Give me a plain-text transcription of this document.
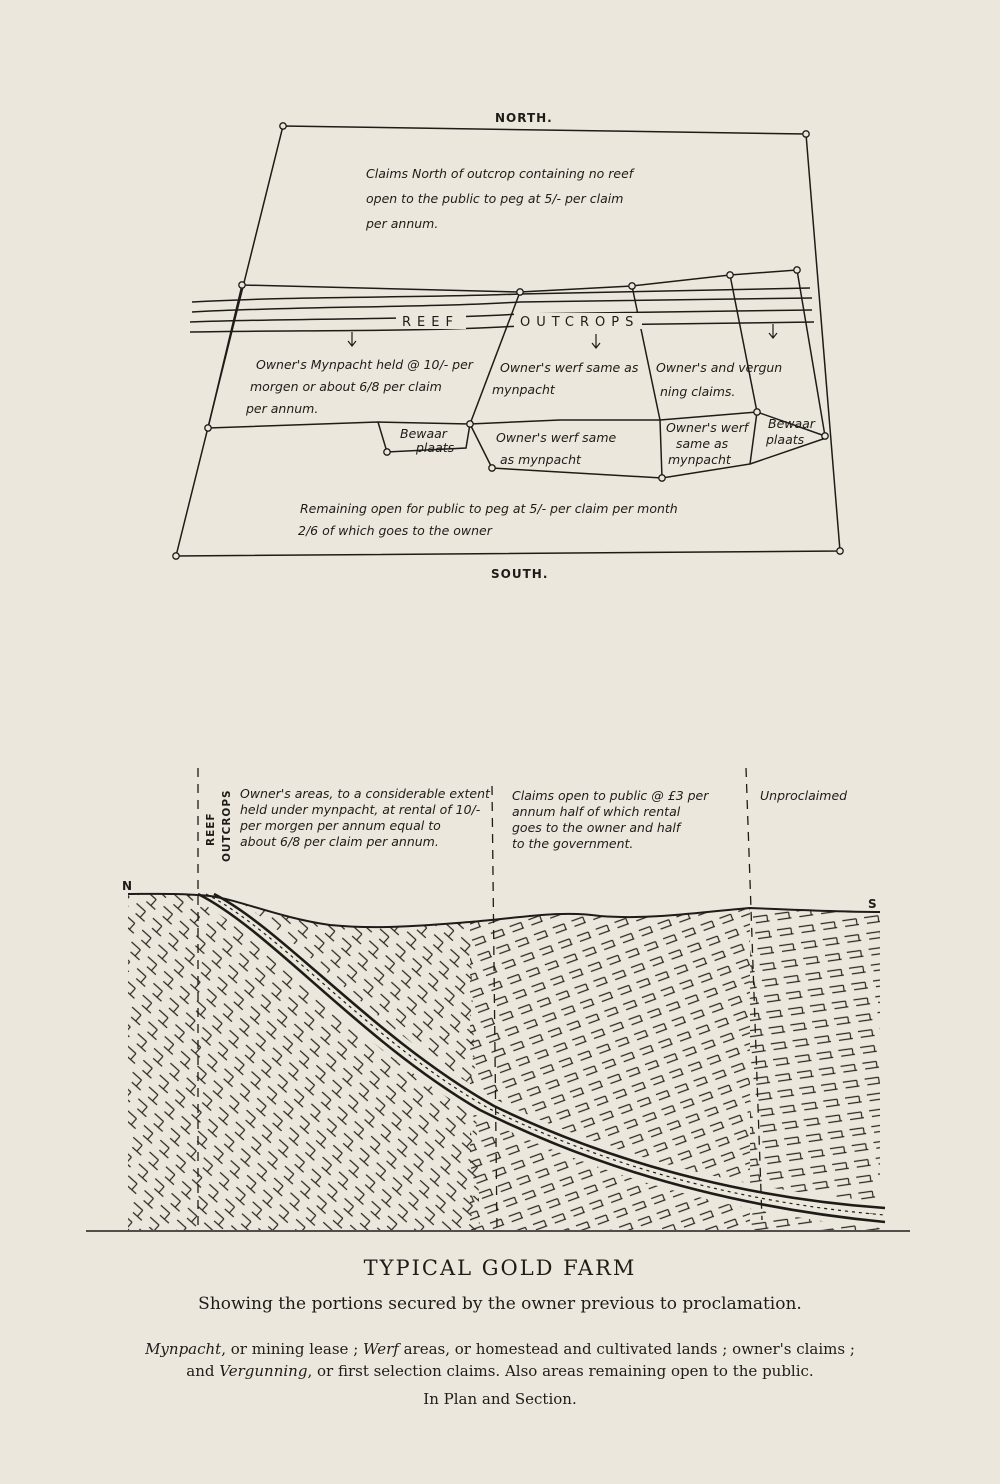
NORTH.
SOUTH.
Claims North of outcrop containing no reef
open to the public to peg at 5/- per claim
per annum.
REEF	OUTCROPS
Owner's Mynpacht held @ 10/- per
morgen or about 6/8 per claim
per annum.
Owner's werf same as
mynpacht
Owner's and vergun
ning claims.
Bewaar
plaats
Owner's werf same
as mynpacht
Owner's werf
same as
mynpacht
Bewaar
plaats
Remaining open for public to peg at 5/- per claim per month
2/6 of which goes to the owner
REEF OUTCROPS Owner's areas, to a considerable extent
held under mynpacht, at rental of 10/-
per morgen per annum equal to
about 6/8 per claim per annum.
Claims open to public @ £3 per
annum half of which rental
goes to the owner and half
to the government.
Unproclaimed
N
S
TYPICAL GOLD FARM
Showing the portions secured by the owner previous to proclamation.
Mynpacht, or mining lease ; Werf areas, or homestead and cultivated lands ; owner's claims ;
and Vergunning, or first selection claims. Also areas remaining open to the public.
In Plan and Section.
